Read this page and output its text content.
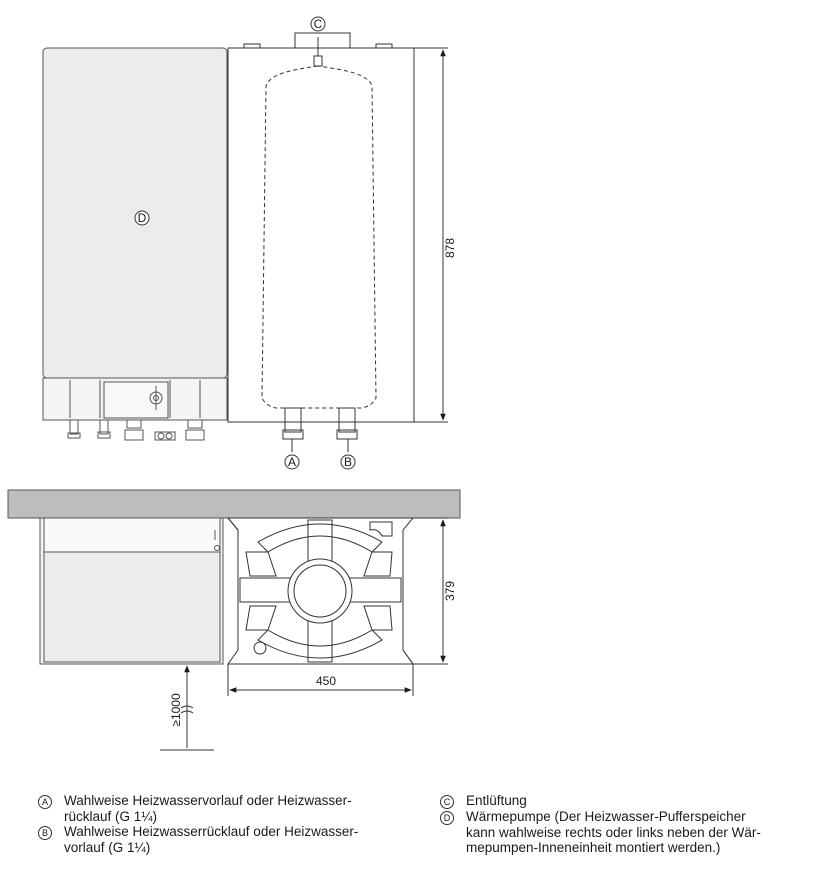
878
C
D
A	B
379
450
≥1000
A Wahlweise Heizwasservorlauf oder Heizwasser-
rücklauf (G 1¼)
B Wahlweise Heizwasserrücklauf oder Heizwasser-
vorlauf (G 1¼)
C Entlüftung
D Wärmepumpe (Der Heizwasser-Pufferspeicher
kann wahlweise rechts oder links neben der Wär-
mepumpen-Inneneinheit montiert werden.)
